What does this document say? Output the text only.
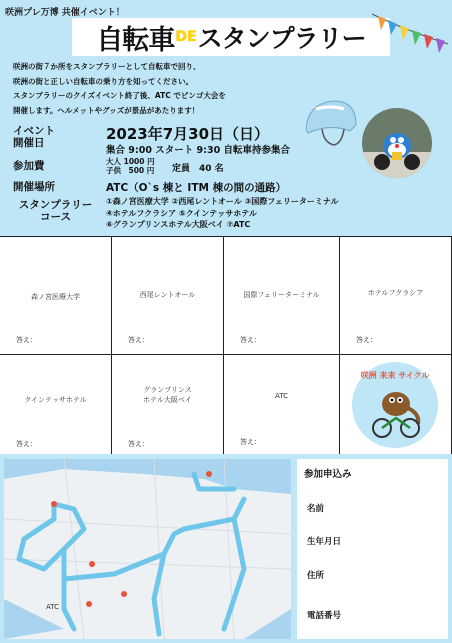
咲洲プレ万博 共催イベント！
自転車 DE スタンプラリー
咲洲の街７か所をスタンプラリーとして自転車で回り、
咲洲の街と正しい自転車の乗り方を知ってください。
スタンプラリーのクイズイベント終了後、ATC でビンゴ大会を
開催します。ヘルメットやグッズが景品があたります！
イベント
開催日	2023年7月30日（日）
集合 9:00 スタート 9:30 自転車持参集合
参加費	大人 1000 円
子供　500 円 定員　40 名
開催場所	ATC（O`s 棟と ITM 棟の間の通路）
スタンプラリー
コース
①森ノ宮医療大学 ②西尾レントオール ③国際フェリーターミナル
④ホテルフクラシア ⑤クインテッサホテル
⑥グランプリンスホテル大阪ベイ ⑦ATC
森ノ宮医療大学
答え：
西尾レントオール
答え：
国際フェリーターミナル
答え：
ホテルフクラシア
答え：
クインテッサホテル
答え：
グランプリンス
ホテル大阪ベイ
答え：
ATC
答え：
咲洲 来来 サイクル
ATC
参加申込み
名前
生年月日
住所
電話番号
